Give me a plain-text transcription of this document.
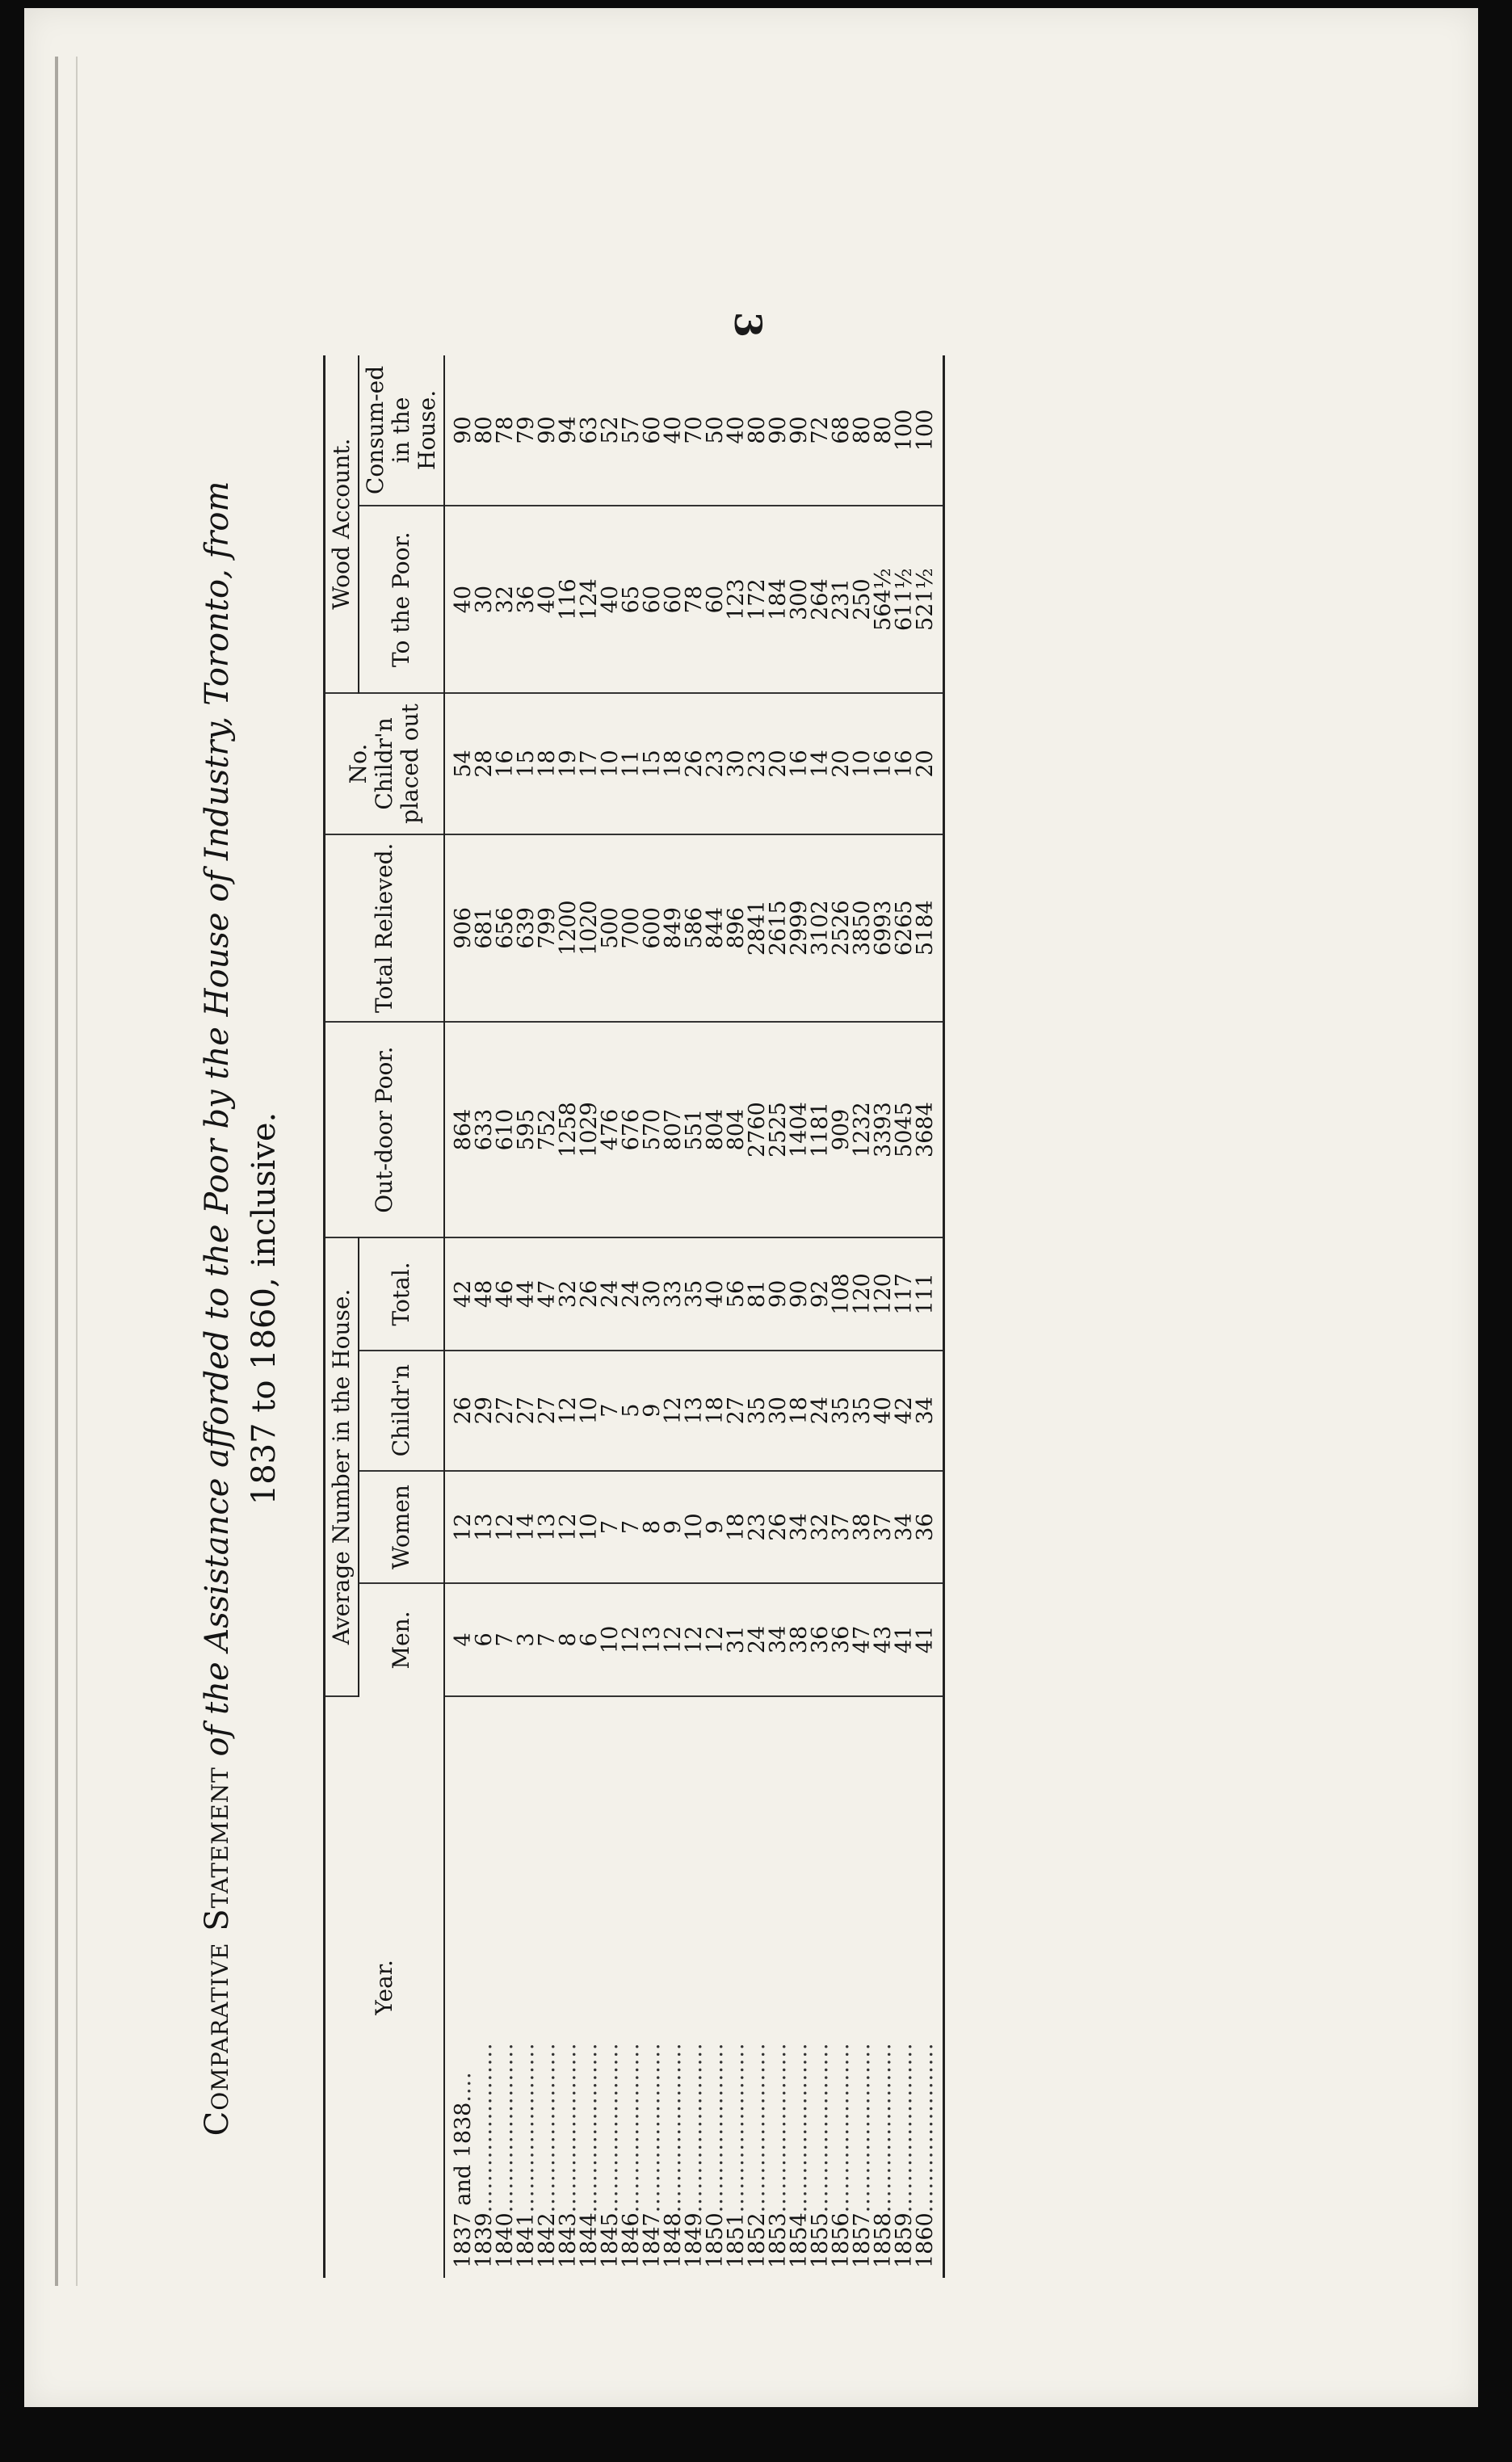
3

Comparative Statement of the Assistance afforded to the Poor by the House of Industry, Toronto, from

1837 to 1860, inclusive.

Year.	Average Number in the House.				Out-door Poor.	Total Relieved.	No. Childr'n placed out	Wood Account.	
	Men.	Women	Childr'n	Total.				To the Poor.	Consum-ed in the House.
1837 and 1838....	4	12	26	42	864	906	54	40	90
1839......................	6	13	29	48	633	681	28	30	80
1840......................	7	12	27	46	610	656	16	32	78
1841......................	3	14	27	44	595	639	15	36	79
1842......................	7	13	27	47	752	799	18	40	90
1843......................	8	12	12	32	1258	1200	19	116	94
1844......................	6	10	10	26	1029	1020	17	124	63
1845......................	10	7	7	24	476	500	10	40	52
1846......................	12	7	5	24	676	700	11	65	57
1847......................	13	8	9	30	570	600	15	60	60
1848......................	12	9	12	33	807	849	18	60	40
1849......................	12	10	13	35	551	586	26	78	70
1850......................	12	9	18	40	804	844	23	60	50
1851......................	31	18	27	56	804	896	30	123	40
1852......................	24	23	35	81	2760	2841	23	172	80
1853......................	34	26	30	90	2525	2615	20	184	90
1854......................	38	34	18	90	1404	2999	16	300	90
1855......................	36	32	24	92	1181	3102	14	264	72
1856......................	36	37	35	108	909	2526	20	231	68
1857......................	47	38	35	120	1232	3850	10	250	80
1858......................	43	37	40	120	3393	6993	16	564½	80
1859......................	41	34	42	117	5045	6265	16	611½	100
1860......................	41	36	34	111	3684	5184	20	521½	100
